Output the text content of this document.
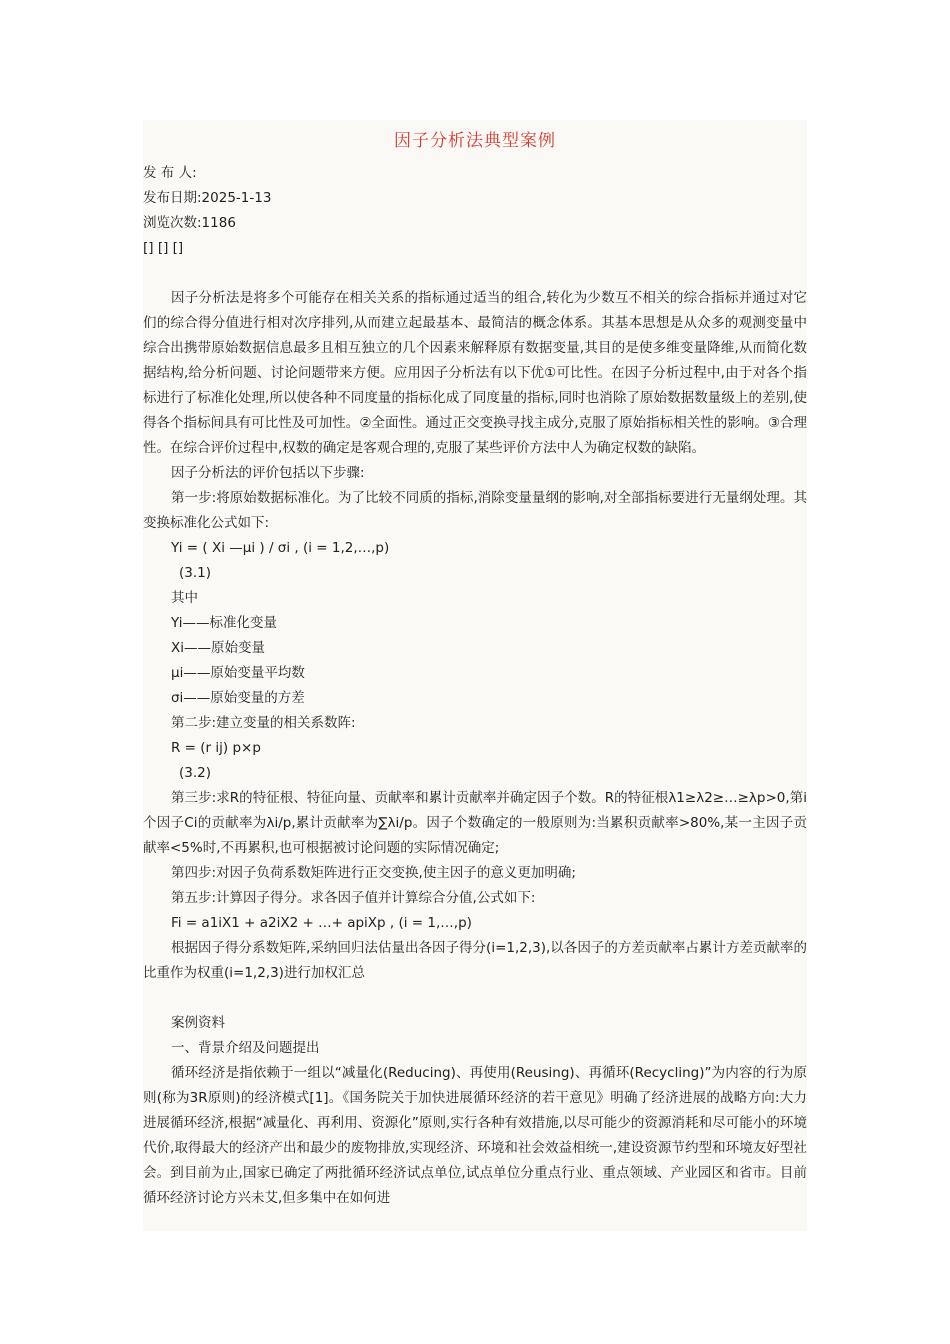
因子分析法典型案例
发 布 人:
发布日期:2025-1-13
浏览次数:1186
[] [] []

因子分析法是将多个可能存在相关关系的指标通过适当的组合,转化为少数互不相关的综合指标并通过对它们的综合得分值进行相对次序排列,从而建立起最基本、最简洁的概念体系。其基本思想是从众多的观测变量中综合出携带原始数据信息最多且相互独立的几个因素来解释原有数据变量,其目的是使多维变量降维,从而简化数据结构,给分析问题、讨论问题带来方便。应用因子分析法有以下优①可比性。在因子分析过程中,由于对各个指标进行了标准化处理,所以使各种不同度量的指标化成了同度量的指标,同时也消除了原始数据数量级上的差别,使得各个指标间具有可比性及可加性。②全面性。通过正交变换寻找主成分,克服了原始指标相关性的影响。③合理性。在综合评价过程中,权数的确定是客观合理的,克服了某些评价方法中人为确定权数的缺陷。

因子分析法的评价包括以下步骤:

第一步:将原始数据标准化。为了比较不同质的指标,消除变量量纲的影响,对全部指标要进行无量纲处理。其变换标准化公式如下:

Yi = ( Xi —μi ) / σi , (i = 1,2,…,p)
(3.1)
其中
Yi——标准化变量
Xi——原始变量
μi——原始变量平均数
σi——原始变量的方差
第二步:建立变量的相关系数阵:
R = (r ij) p×p
(3.2)

第三步:求R的特征根、特征向量、贡献率和累计贡献率并确定因子个数。R的特征根λ1≥λ2≥…≥λp>0,第i个因子Ci的贡献率为λi/p,累计贡献率为∑λi/p。因子个数确定的一般原则为:当累积贡献率>80%,某一主因子贡献率<5%时,不再累积,也可根据被讨论问题的实际情况确定;

第四步:对因子负荷系数矩阵进行正交变换,使主因子的意义更加明确;
第五步:计算因子得分。求各因子值并计算综合分值,公式如下:
Fi = a1iX1 + a2iX2 + …+ apiXp , (i = 1,…,p)

根据因子得分系数矩阵,采纳回归法估量出各因子得分(i=1,2,3),以各因子的方差贡献率占累计方差贡献率的比重作为权重(i=1,2,3)进行加权汇总

案例资料
一、背景介绍及问题提出

循环经济是指依赖于一组以“减量化(Reducing)、再使用(Reusing)、再循环(Recycling)”为内容的行为原则(称为3R原则)的经济模式[1]。《国务院关于加快进展循环经济的若干意见》明确了经济进展的战略方向:大力进展循环经济,根据“减量化、再利用、资源化”原则,实行各种有效措施,以尽可能少的资源消耗和尽可能小的环境代价,取得最大的经济产出和最少的废物排放,实现经济、环境和社会效益相统一,建设资源节约型和环境友好型社会。到目前为止,国家已确定了两批循环经济试点单位,试点单位分重点行业、重点领域、产业园区和省市。目前循环经济讨论方兴未艾,但多集中在如何进
